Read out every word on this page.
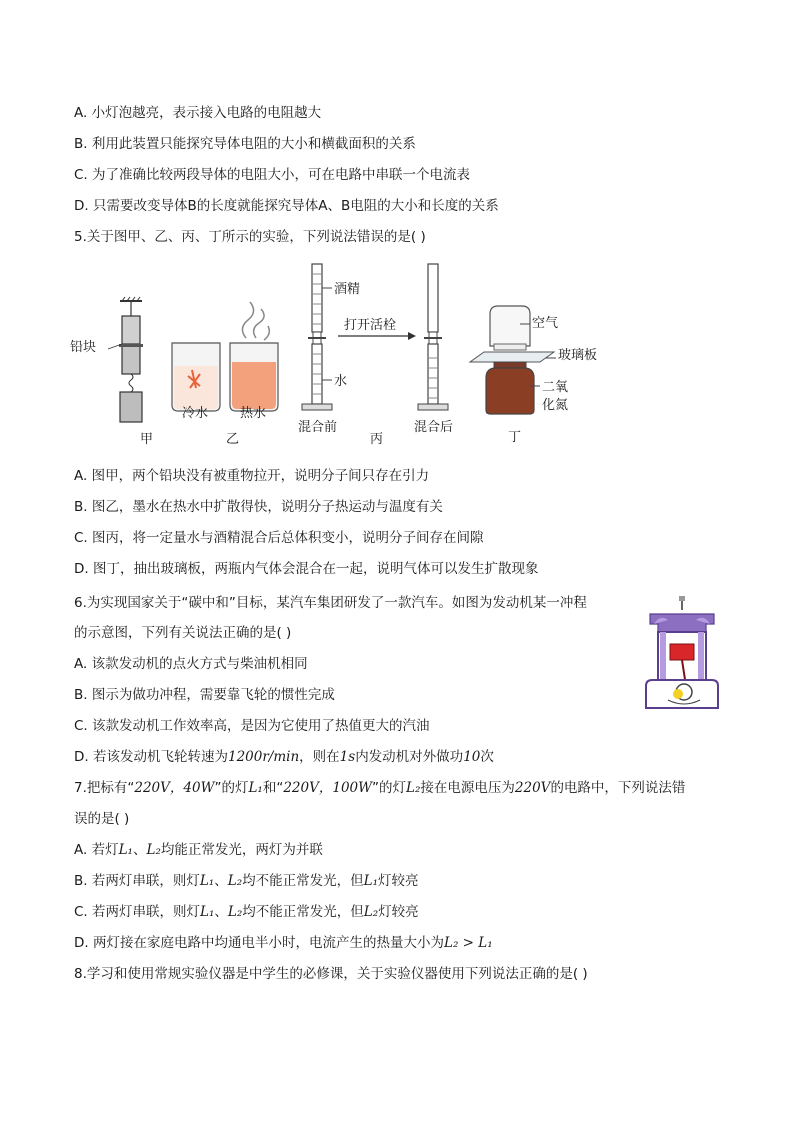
A. 小灯泡越亮，表示接入电路的电阻越大
B. 利用此装置只能探究导体电阻的大小和横截面积的关系
C. 为了准确比较两段导体的电阻大小，可在电路中串联一个电流表
D. 只需要改变导体B的长度就能探究导体A、B电阻的大小和长度的关系
5.关于图甲、乙、丙、丁所示的实验，下列说法错误的是( )
铅块
甲
冷水 热水
乙
酒精
水
打开活栓
混合前	混合后
丙
空气
玻璃板
二氧
化氮
丁
A. 图甲，两个铅块没有被重物拉开，说明分子间只存在引力
B. 图乙，墨水在热水中扩散得快，说明分子热运动与温度有关
C. 图丙，将一定量水与酒精混合后总体积变小，说明分子间存在间隙
D. 图丁，抽出玻璃板，两瓶内气体会混合在一起，说明气体可以发生扩散现象
6.为实现国家关于“碳中和”目标，某汽车集团研发了一款汽车。如图为发动机某一冲程
的示意图，下列有关说法正确的是( )
A. 该款发动机的点火方式与柴油机相同
B. 图示为做功冲程，需要靠飞轮的惯性完成
C. 该款发动机工作效率高，是因为它使用了热值更大的汽油
D. 若该发动机飞轮转速为1200r/min，则在1s内发动机对外做功10次
7.把标有“220V，40W”的灯L₁和“220V，100W”的灯L₂接在电源电压为220V的电路中，下列说法错
误的是( )
A. 若灯L₁、L₂均能正常发光，两灯为并联
B. 若两灯串联，则灯L₁、L₂均不能正常发光，但L₁灯较亮
C. 若两灯串联，则灯L₁、L₂均不能正常发光，但L₂灯较亮
D. 两灯接在家庭电路中均通电半小时，电流产生的热量大小为L₂ > L₁
8.学习和使用常规实验仪器是中学生的必修课，关于实验仪器使用下列说法正确的是( )
